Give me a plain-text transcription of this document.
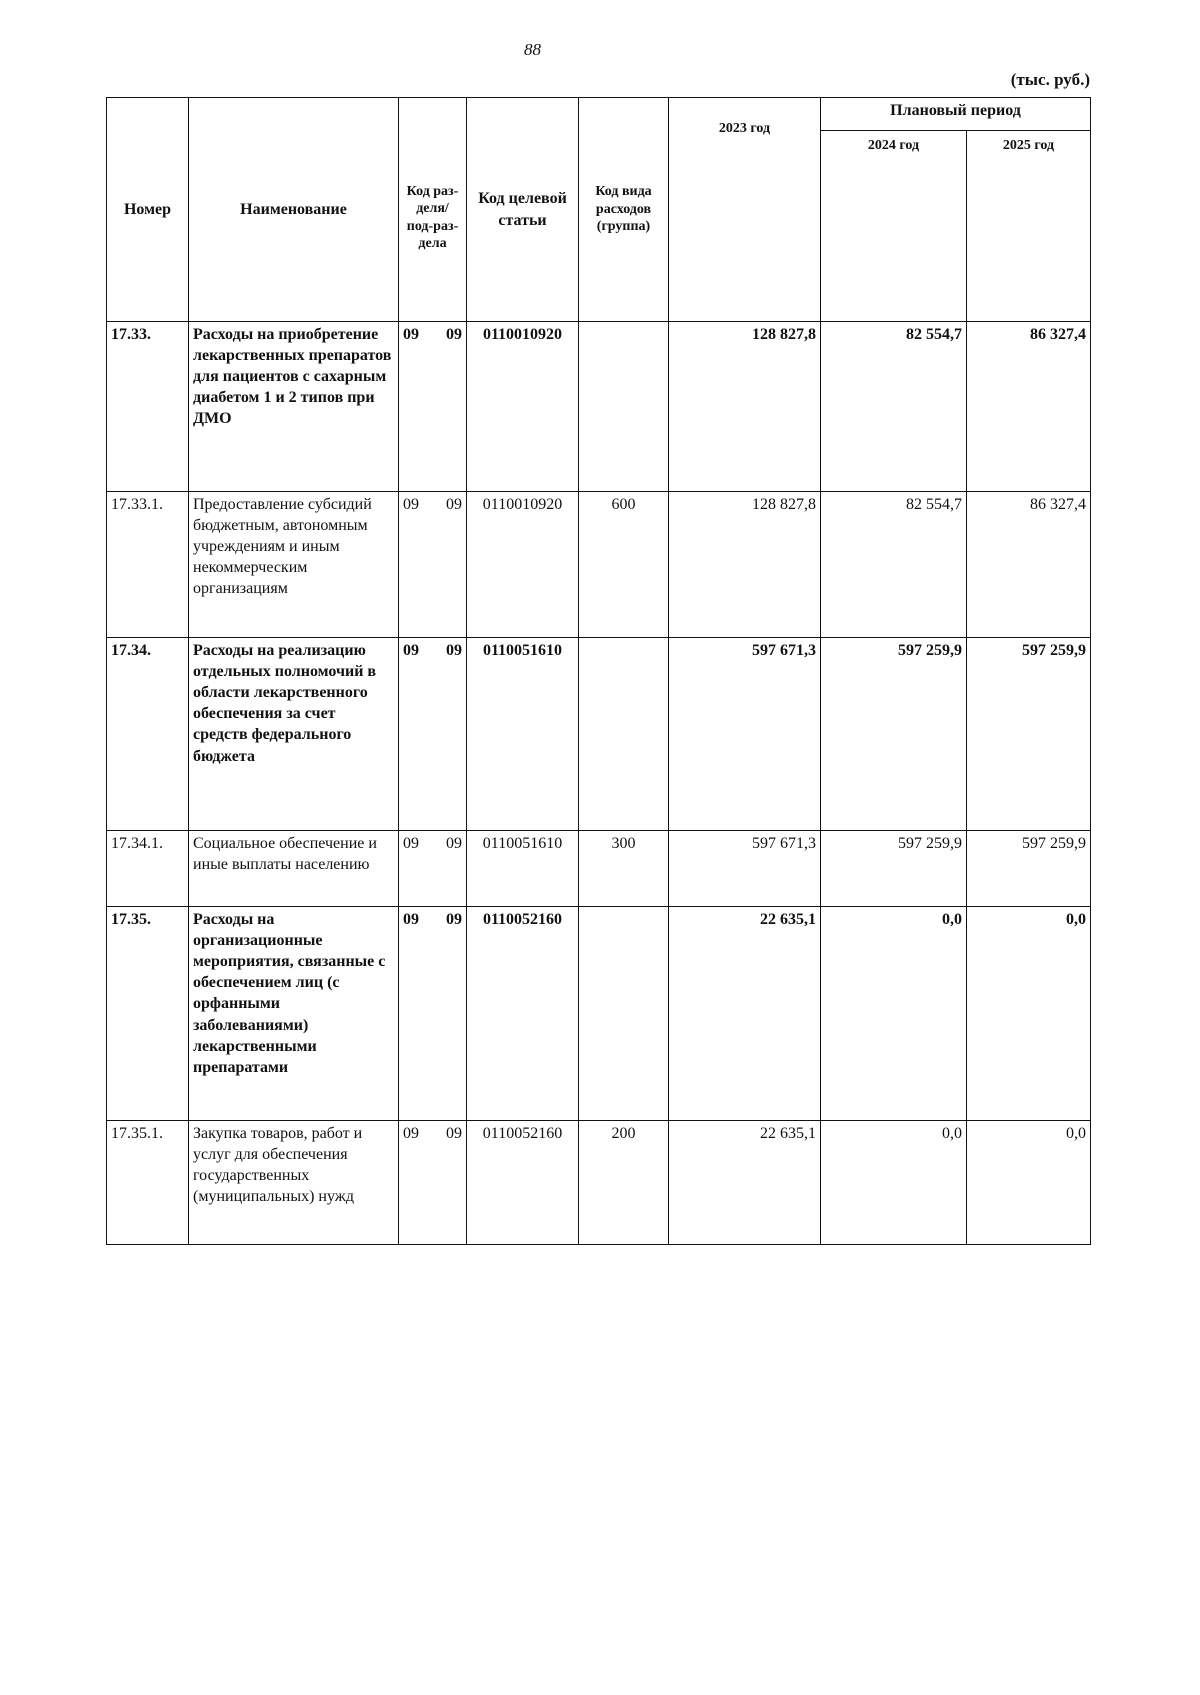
88
(тыс. руб.)
Номер	Наименование	Код раз-деля/ под-раз-дела	Код целевой статьи	Код вида расходов (группа)	2023 год	Плановый период	
						2024 год	2025 год
17.33.	Расходы на приобретение лекарственных препаратов для пациентов с сахарным диабетом 1 и 2 типов при ДМО	09 09	0110010920		128 827,8	82 554,7	86 327,4
17.33.1.	Предоставление субсидий бюджетным, автономным учреждениям и иным некоммерческим организациям	09 09	0110010920	600	128 827,8	82 554,7	86 327,4
17.34.	Расходы на реализацию отдельных полномочий в области лекарственного обеспечения за счет средств федерального бюджета	09 09	0110051610		597 671,3	597 259,9	597 259,9
17.34.1.	Социальное обеспечение и иные выплаты населению	09 09	0110051610	300	597 671,3	597 259,9	597 259,9
17.35.	Расходы на организационные мероприятия, связанные с обеспечением лиц (с орфанными заболеваниями) лекарственными препаратами	09 09	0110052160		22 635,1	0,0	0,0
17.35.1.	Закупка товаров, работ и услуг для обеспечения государственных (муниципальных) нужд	09 09	0110052160	200	22 635,1	0,0	0,0
